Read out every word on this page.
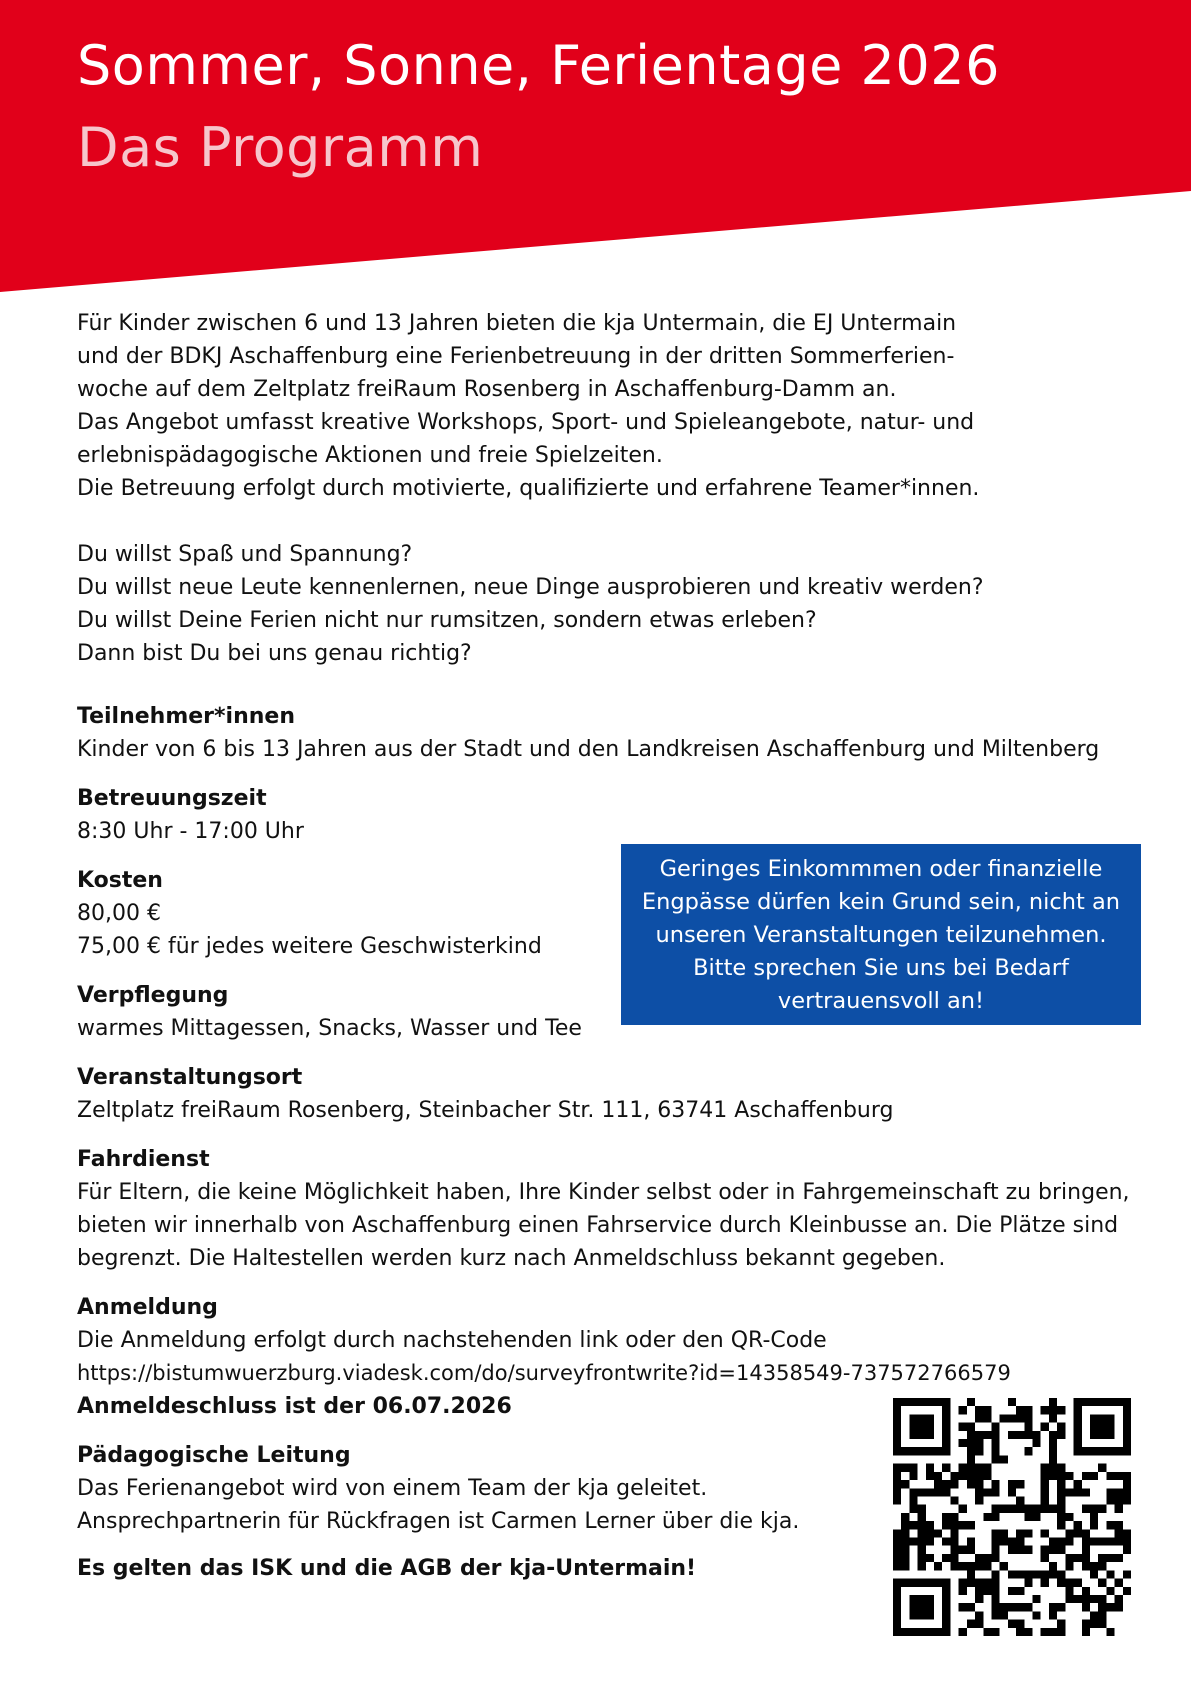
Sommer, Sonne, Ferientage 2026
Das Programm

Für Kinder zwischen 6 und 13 Jahren bieten die kja Untermain, die EJ Untermain

und der BDKJ Aschaffenburg eine Ferienbetreuung in der dritten Sommerferien-

woche auf dem Zeltplatz freiRaum Rosenberg in Aschaffenburg-Damm an.

Das Angebot umfasst kreative Workshops, Sport- und Spieleangebote, natur- und

erlebnispädagogische Aktionen und freie Spielzeiten.

Die Betreuung erfolgt durch motivierte, qualifizierte und erfahrene Teamer*innen.

Du willst Spaß und Spannung?

Du willst neue Leute kennenlernen, neue Dinge ausprobieren und kreativ werden?

Du willst Deine Ferien nicht nur rumsitzen, sondern etwas erleben?

Dann bist Du bei uns genau richtig?

Teilnehmer*innen

Kinder von 6 bis 13 Jahren aus der Stadt und den Landkreisen Aschaffenburg und Miltenberg

Betreuungszeit

8:30 Uhr - 17:00 Uhr

Kosten

80,00 €

75,00 € für jedes weitere Geschwisterkind

Verpflegung

warmes Mittagessen, Snacks, Wasser und Tee

Veranstaltungsort

Zeltplatz freiRaum Rosenberg, Steinbacher Str. 111, 63741 Aschaffenburg

Fahrdienst

Für Eltern, die keine Möglichkeit haben, Ihre Kinder selbst oder in Fahrgemeinschaft zu bringen,

bieten wir innerhalb von Aschaffenburg einen Fahrservice durch Kleinbusse an. Die Plätze sind

begrenzt. Die Haltestellen werden kurz nach Anmeldschluss bekannt gegeben.

Anmeldung

Die Anmeldung erfolgt durch nachstehenden link oder den QR-Code

https://bistumwuerzburg.viadesk.com/do/surveyfrontwrite?id=14358549-737572766579

Anmeldeschluss ist der 06.07.2026

Pädagogische Leitung

Das Ferienangebot wird von einem Team der kja geleitet.

Ansprechpartnerin für Rückfragen ist Carmen Lerner über die kja.

Es gelten das ISK und die AGB der kja-Untermain!

Geringes Einkommmen oder finanzielle

Engpässe dürfen kein Grund sein, nicht an

unseren Veranstaltungen teilzunehmen.

Bitte sprechen Sie uns bei Bedarf

vertrauensvoll an!
